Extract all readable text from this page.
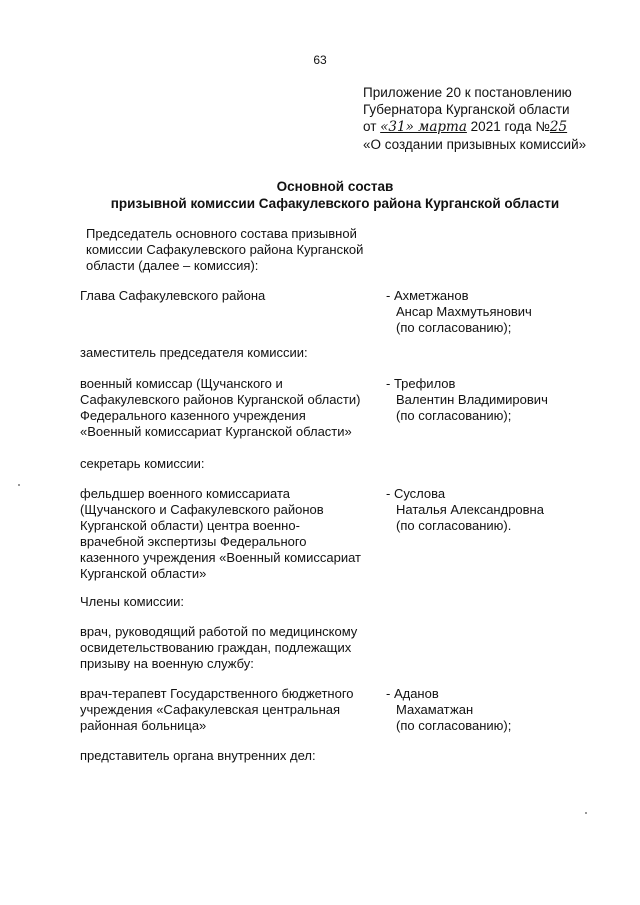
63
Приложение 20 к постановлению
Губернатора Курганской области
от «31» марта 2021 года №25
«О создании призывных комиссий»
Основной состав
призывной комиссии Сафакулевского района Курганской области
Председатель основного состава призывной
комиссии Сафакулевского района Курганской
области (далее – комиссия):
Глава Сафакулевского района	- Ахметжанов
Ансар Махмутьянович
(по согласованию);
заместитель председателя комиссии:
военный комиссар (Щучанского и
Сафакулевского районов Курганской области)
Федерального казенного учреждения
«Военный комиссариат Курганской области»
- Трефилов
Валентин Владимирович
(по согласованию);
секретарь комиссии:
фельдшер военного комиссариата
(Щучанского и Сафакулевского районов
Курганской области) центра военно-
врачебной экспертизы Федерального
казенного учреждения «Военный комиссариат
Курганской области»
- Суслова
Наталья Александровна
(по согласованию).
Члены комиссии:
врач, руководящий работой по медицинскому
освидетельствованию граждан, подлежащих
призыву на военную службу:
врач-терапевт Государственного бюджетного
учреждения «Сафакулевская центральная
районная больница»
- Аданов
Махаматжан
(по согласованию);
представитель органа внутренних дел:
